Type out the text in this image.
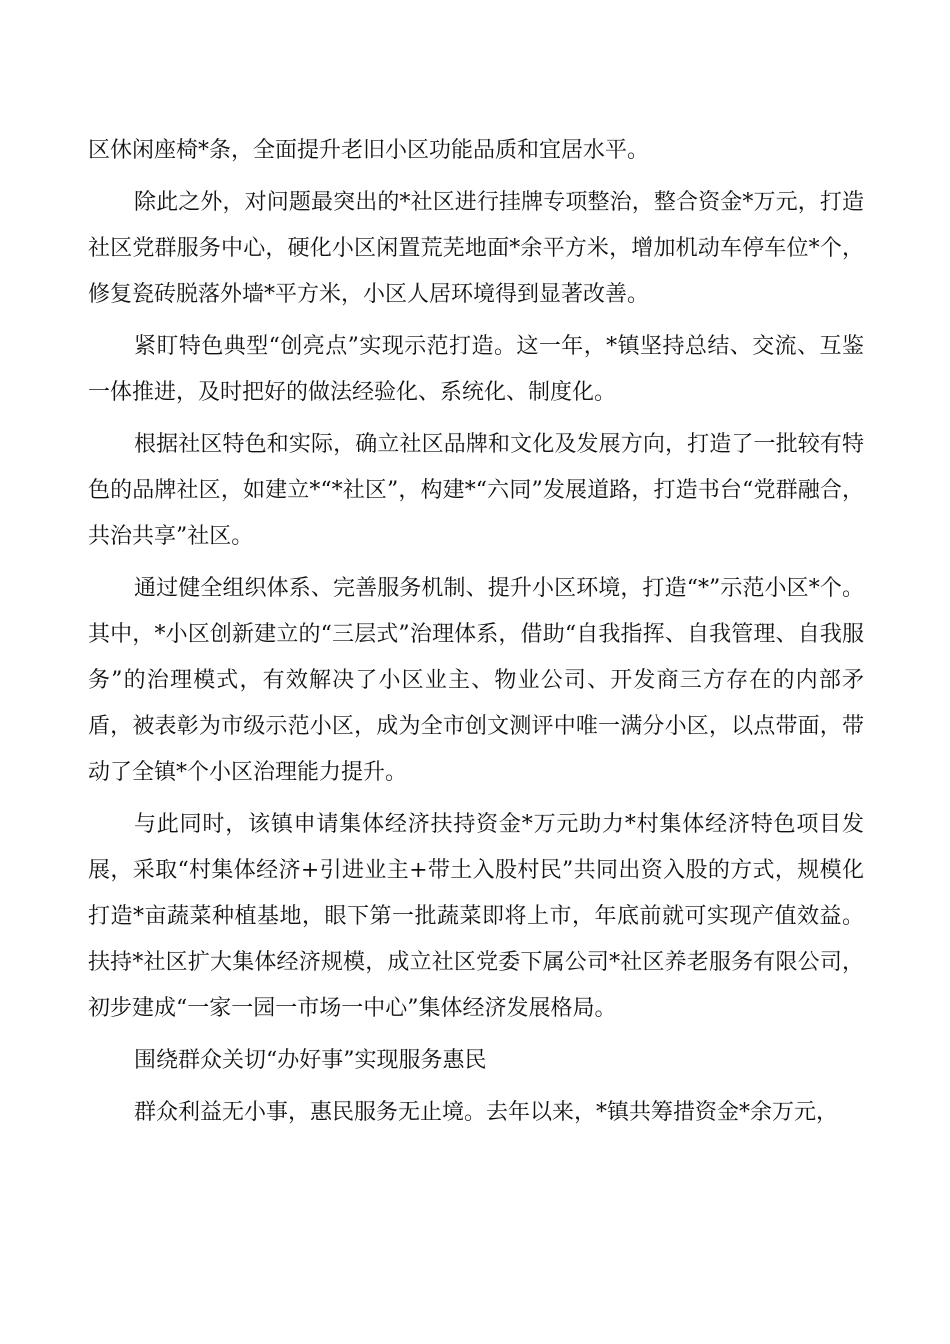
区休闲座椅*条，全面提升老旧小区功能品质和宜居水平。

除此之外，对问题最突出的*社区进行挂牌专项整治，整合资金*万元，打造社区党群服务中心，硬化小区闲置荒芜地面*余平方米，增加机动车停车位*个，修复瓷砖脱落外墙*平方米，小区人居环境得到显著改善。

紧盯特色典型“创亮点”实现示范打造。这一年，*镇坚持总结、交流、互鉴一体推进，及时把好的做法经验化、系统化、制度化。

根据社区特色和实际，确立社区品牌和文化及发展方向，打造了一批较有特色的品牌社区，如建立*“*社区”，构建*“六同”发展道路，打造书台“党群融合，共治共享”社区。

通过健全组织体系、完善服务机制、提升小区环境，打造“*”示范小区*个。其中，*小区创新建立的“三层式”治理体系，借助“自我指挥、自我管理、自我服务”的治理模式，有效解决了小区业主、物业公司、开发商三方存在的内部矛盾，被表彰为市级示范小区，成为全市创文测评中唯一满分小区，以点带面，带动了全镇*个小区治理能力提升。

与此同时，该镇申请集体经济扶持资金*万元助力*村集体经济特色项目发展，采取“村集体经济+引进业主+带土入股村民”共同出资入股的方式，规模化打造*亩蔬菜种植基地，眼下第一批蔬菜即将上市，年底前就可实现产值效益。扶持*社区扩大集体经济规模，成立社区党委下属公司*社区养老服务有限公司，初步建成“一家一园一市场一中心”集体经济发展格局。

围绕群众关切“办好事”实现服务惠民

群众利益无小事，惠民服务无止境。去年以来，*镇共筹措资金*余万元，
